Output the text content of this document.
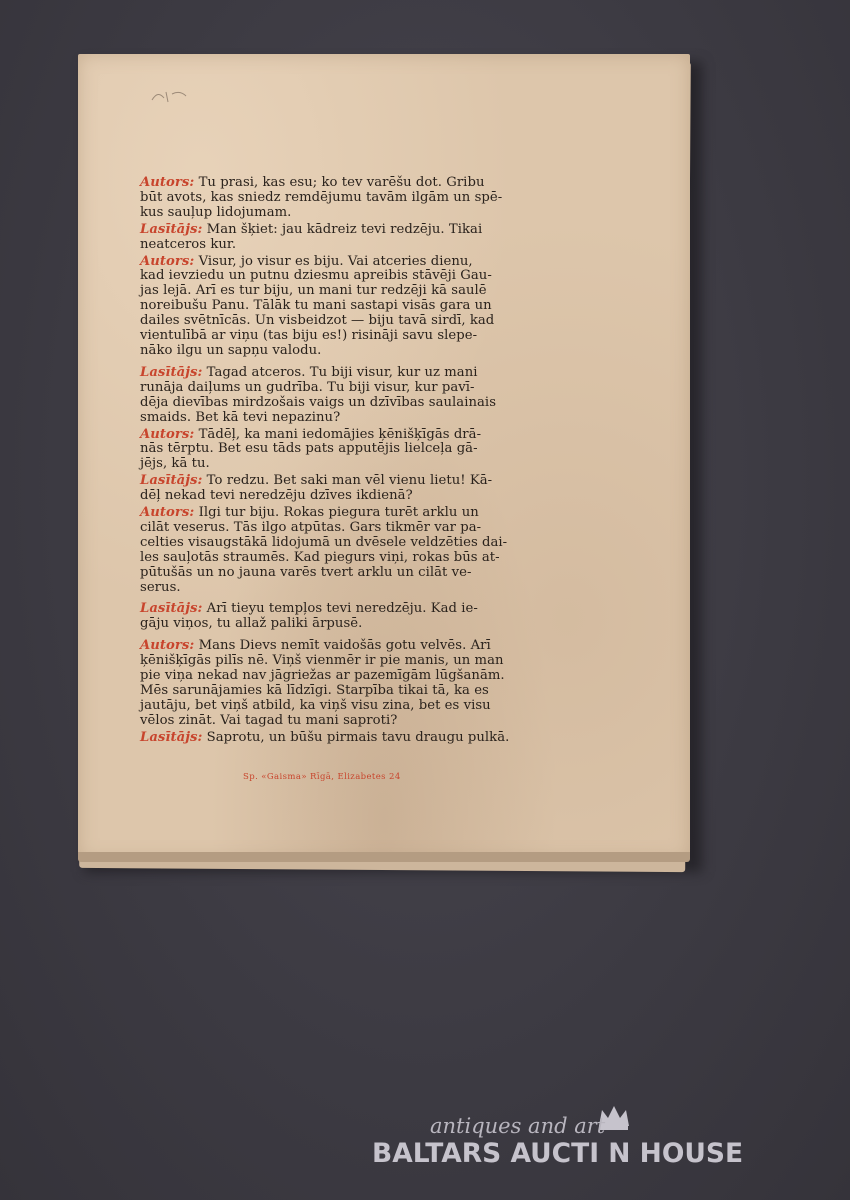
Autors: Tu prasi, kas esu; ko tev varēšu dot. Gribu
būt avots, kas sniedz remdējumu tavām ilgām un spē-
kus sauļup lidojumam.
Lasītājs: Man šķiet: jau kādreiz tevi redzēju. Tikai
neatceros kur.
Autors: Visur, jo visur es biju. Vai atceries dienu,
kad ievziedu un putnu dziesmu apreibis stāvēji Gau-
jas lejā. Arī es tur biju, un mani tur redzēji kā saulē
noreibušu Panu. Tālāk tu mani sastapi visās gara un
dailes svētnīcās. Un visbeidzot — biju tavā sirdī, kad
vientulībā ar viņu (tas biju es!) risināji savu slepe-
nāko ilgu un sapņu valodu.
Lasītājs: Tagad atceros. Tu biji visur, kur uz mani
runāja daiļums un gudrība. Tu biji visur, kur pavī-
dēja dievības mirdzošais vaigs un dzīvības saulainais
smaids. Bet kā tevi nepazinu?
Autors: Tādēļ, ka mani iedomājies ķēnišķīgās drā-
nās tērptu. Bet esu tāds pats apputējis lielceļa gā-
jējs, kā tu.
Lasītājs: To redzu. Bet saki man vēl vienu lietu! Kā-
dēļ nekad tevi neredzēju dzīves ikdienā?
Autors: Ilgi tur biju. Rokas piegura turēt arklu un
cilāt veserus. Tās ilgo atpūtas. Gars tikmēr var pa-
celties visaugstākā lidojumā un dvēsele veldzēties dai-
les sauļotās straumēs. Kad piegurs viņi, rokas būs at-
pūtušās un no jauna varēs tvert arklu un cilāt ve-
serus.
Lasītājs: Arī tieyu tempļos tevi neredzēju. Kad ie-
gāju viņos, tu allaž paliki ārpusē.
Autors: Mans Dievs nemīt vaidošās gotu velvēs. Arī
ķēnišķīgās pilīs nē. Viņš vienmēr ir pie manis, un man
pie viņa nekad nav jāgriežas ar pazemīgām lūgšanām.
Mēs sarunājamies kā līdzīgi. Starpība tikai tā, ka es
jautāju, bet viņš atbild, ka viņš visu zina, bet es visu
vēlos zināt. Vai tagad tu mani saproti?
Lasītājs: Saprotu, un būšu pirmais tavu draugu pulkā.
Sp. «Gaisma» Rīgā, Elizabetes 24
antiques and art
BALTARS AUCTI N HOUSE
